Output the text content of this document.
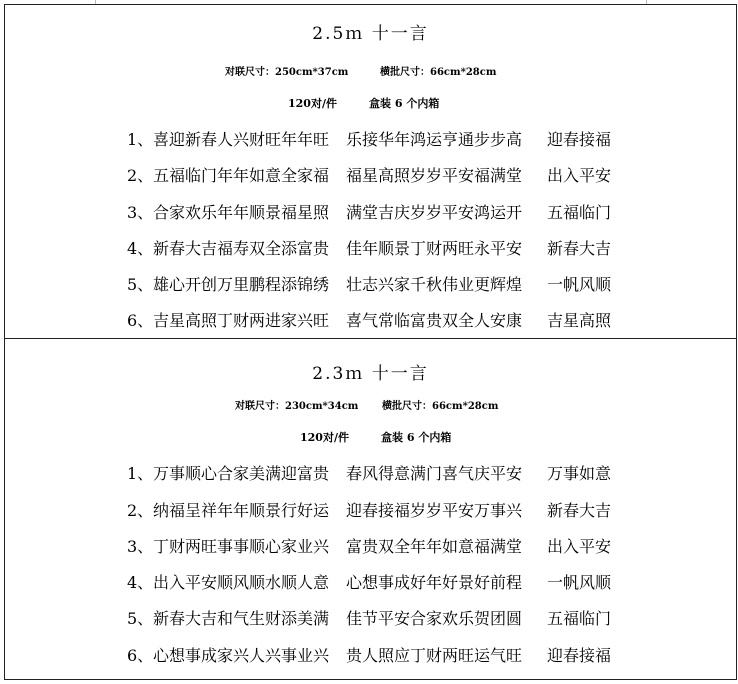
2.5ｍ 十一言
对联尺寸：250cm*37cm	横批尺寸：66cm*28cm
120对/件	盒装 6 个内箱
1、 喜迎新春人兴财旺年年旺 乐接华年鸿运亨通步步高 迎春接福
2、 五福临门年年如意全家福 福星高照岁岁平安福满堂 出入平安
3、 合家欢乐年年顺景福星照 满堂吉庆岁岁平安鸿运开 五福临门
4、 新春大吉福寿双全添富贵 佳年顺景丁财两旺永平安 新春大吉
5、 雄心开创万里鹏程添锦绣 壮志兴家千秋伟业更辉煌 一帆风顺
6、 吉星高照丁财两进家兴旺 喜气常临富贵双全人安康 吉星高照
2.3ｍ 十一言
对联尺寸：230cm*34cm 横批尺寸：66cm*28cm
120对/件	盒装 6 个内箱
1、 万事顺心合家美满迎富贵 春风得意满门喜气庆平安 万事如意
2、 纳福呈祥年年顺景行好运 迎春接福岁岁平安万事兴 新春大吉
3、 丁财两旺事事顺心家业兴 富贵双全年年如意福满堂 出入平安
4、 出入平安顺风顺水顺人意 心想事成好年好景好前程 一帆风顺
5、 新春大吉和气生财添美满 佳节平安合家欢乐贺团圆 五福临门
6、 心想事成家兴人兴事业兴 贵人照应丁财两旺运气旺 迎春接福
